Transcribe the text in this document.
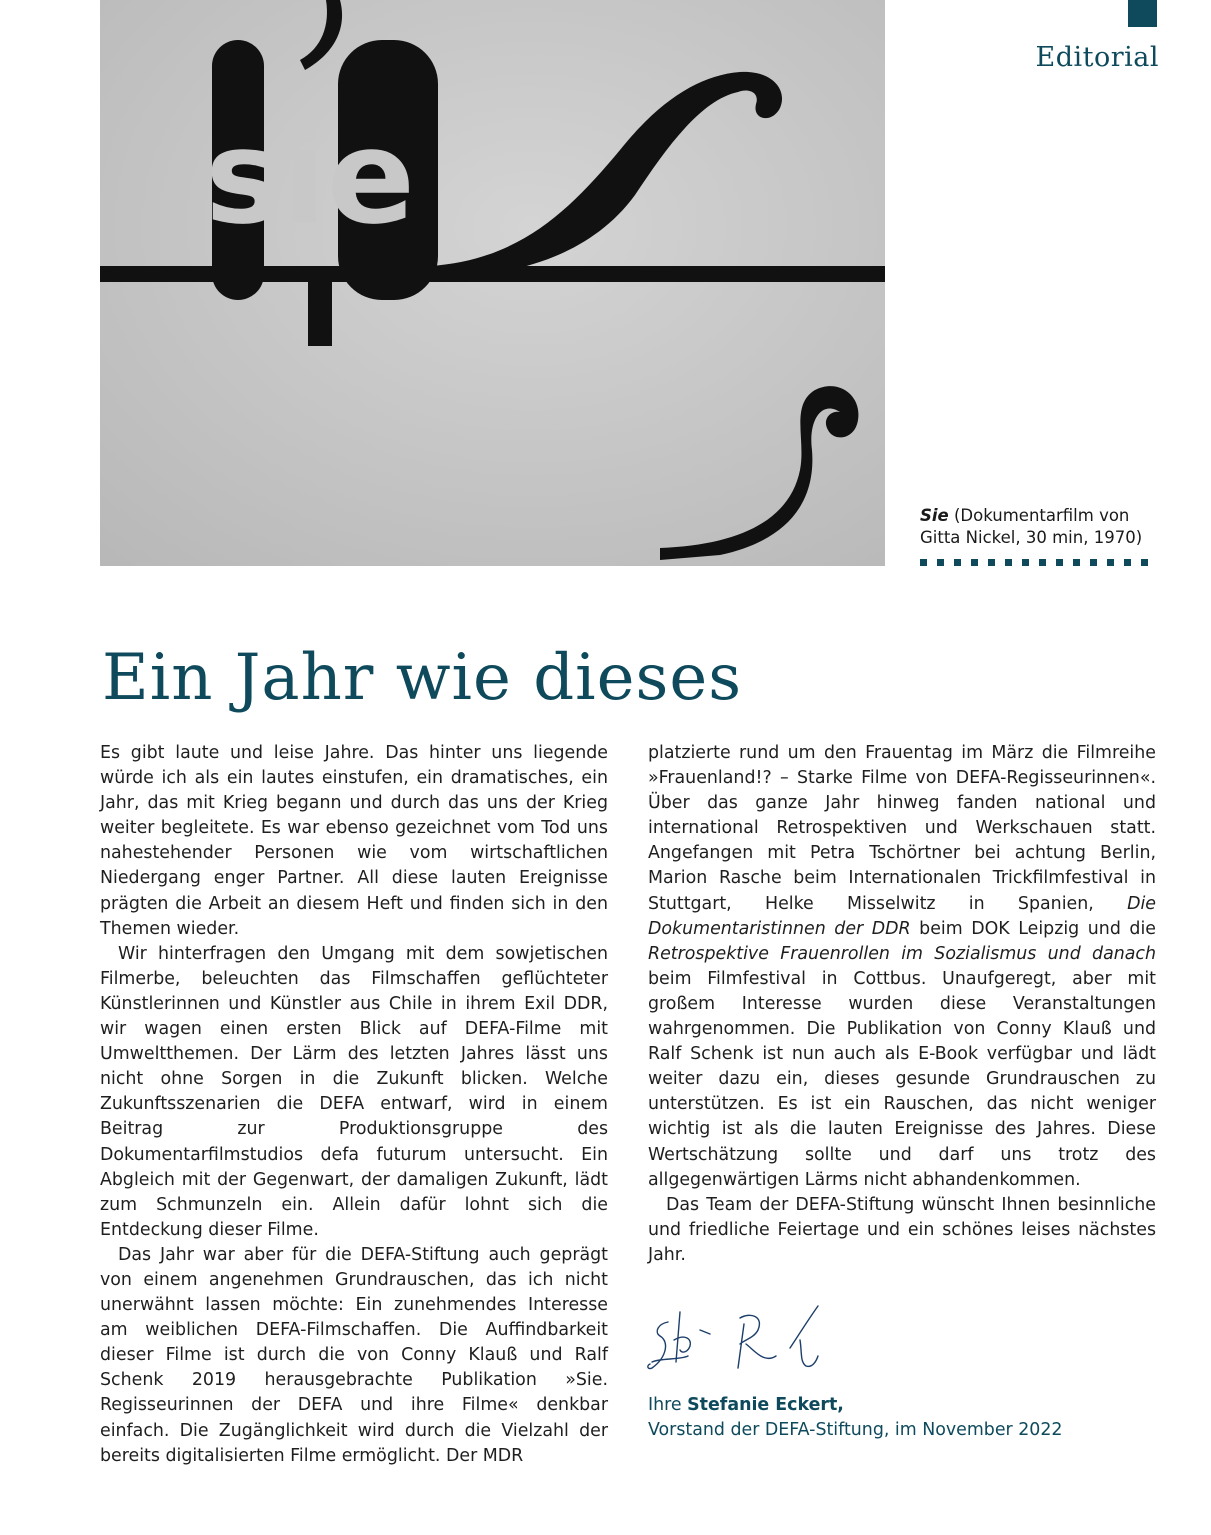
Editorial
sie
Sie (Dokumentarfilm von Gitta Nickel, 30 min, 1970)
Ein Jahr wie dieses

Es gibt laute und leise Jahre. Das hinter uns liegende würde ich als ein lautes einstufen, ein dramatisches, ein Jahr, das mit Krieg begann und durch das uns der Krieg weiter begleitete. Es war ebenso gezeichnet vom Tod uns nahestehender Personen wie vom wirtschaftlichen Niedergang enger Partner. All diese lauten Ereignisse prägten die Arbeit an diesem Heft und finden sich in den Themen wieder.

Wir hinterfragen den Umgang mit dem sowjetischen Filmerbe, beleuchten das Filmschaffen geflüchteter Künstlerinnen und Künstler aus Chile in ihrem Exil DDR, wir wagen einen ersten Blick auf DEFA-Filme mit Umweltthemen. Der Lärm des letzten Jahres lässt uns nicht ohne Sorgen in die Zukunft blicken. Welche Zukunftsszenarien die DEFA entwarf, wird in einem Beitrag zur Produktionsgruppe des Dokumentarfilmstudios defa futurum untersucht. Ein Abgleich mit der Gegenwart, der damaligen Zukunft, lädt zum Schmunzeln ein. Allein dafür lohnt sich die Entdeckung dieser Filme.

Das Jahr war aber für die DEFA-Stiftung auch geprägt von einem angenehmen Grundrauschen, das ich nicht unerwähnt lassen möchte: Ein zunehmendes Interesse am weiblichen DEFA-Filmschaffen. Die Auffindbarkeit dieser Filme ist durch die von Conny Klauß und Ralf Schenk 2019 herausgebrachte Publikation »Sie. Regisseurinnen der DEFA und ihre Filme« denkbar einfach. Die Zugänglichkeit wird durch die Vielzahl der bereits digitalisierten Filme ermöglicht. Der MDR

platzierte rund um den Frauentag im März die Filmreihe »Frauenland!? – Starke Filme von DEFA-Regisseurinnen«. Über das ganze Jahr hinweg fanden national und international Retrospektiven und Werkschauen statt. Angefangen mit Petra Tschörtner bei achtung Berlin, Marion Rasche beim Internationalen Trickfilmfestival in Stuttgart, Helke Misselwitz in Spanien, Die Dokumentaristinnen der DDR beim DOK Leipzig und die Retrospektive Frauenrollen im Sozialismus und danach beim Filmfestival in Cottbus. Unaufgeregt, aber mit großem Interesse wurden diese Veranstaltungen wahrgenommen. Die Publikation von Conny Klauß und Ralf Schenk ist nun auch als E-Book verfügbar und lädt weiter dazu ein, dieses gesunde Grundrauschen zu unterstützen. Es ist ein Rauschen, das nicht weniger wichtig ist als die lauten Ereignisse des Jahres. Diese Wertschätzung sollte und darf uns trotz des allgegenwärtigen Lärms nicht abhandenkommen.

Das Team der DEFA-Stiftung wünscht Ihnen besinnliche und friedliche Feiertage und ein schönes leises nächstes Jahr.

Ihre Stefanie Eckert,
Vorstand der DEFA-Stiftung, im November 2022
